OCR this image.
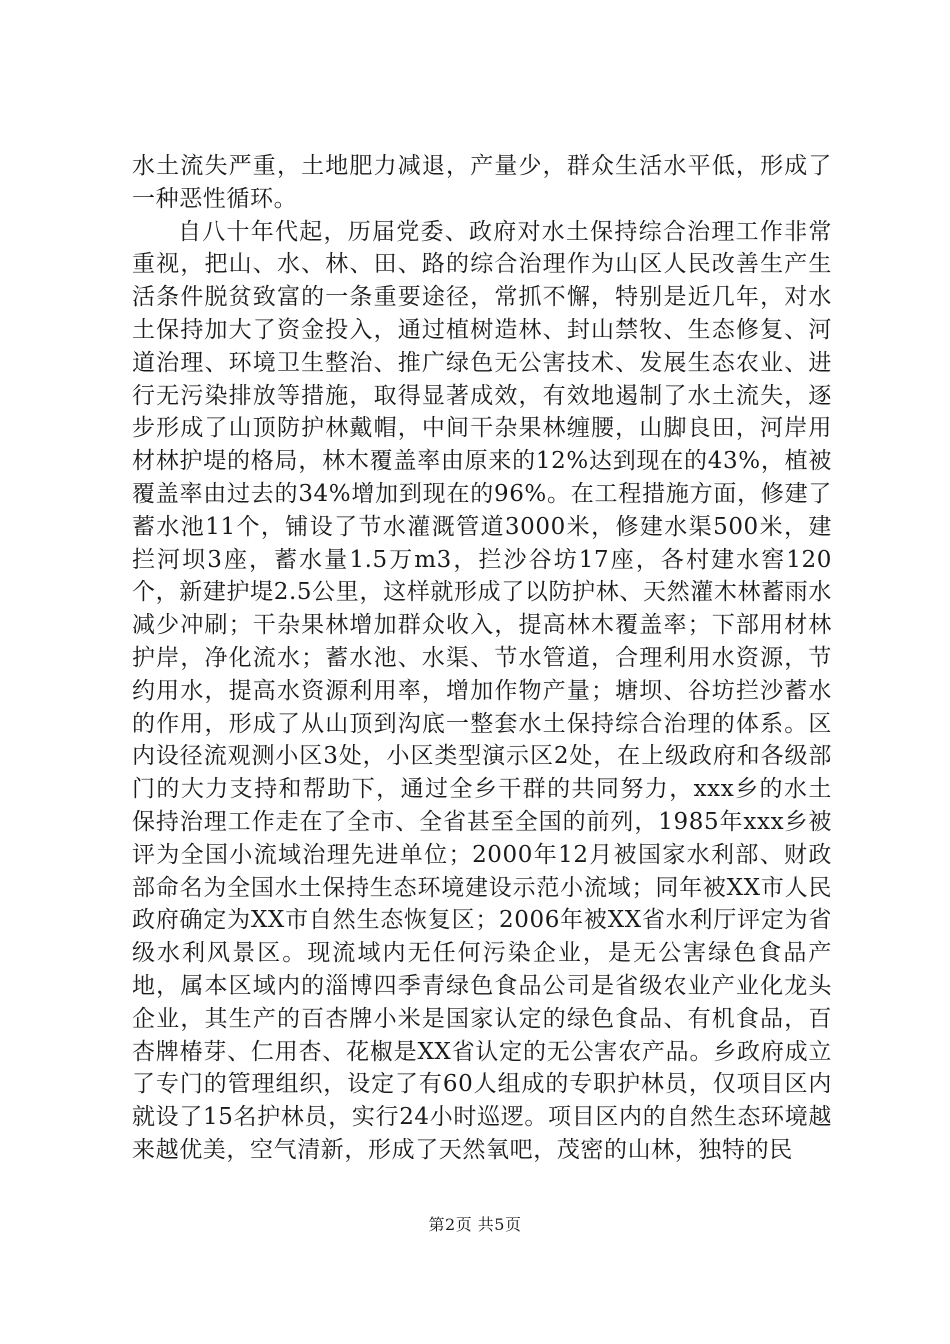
水土流失严重，土地肥力减退，产量少，群众生活水平低，形成了一种恶性循环。

自八十年代起，历届党委、政府对水土保持综合治理工作非常重视，把山、水、林、田、路的综合治理作为山区人民改善生产生活条件脱贫致富的一条重要途径，常抓不懈，特别是近几年，对水土保持加大了资金投入，通过植树造林、封山禁牧、生态修复、河道治理、环境卫生整治、推广绿色无公害技术、发展生态农业、进行无污染排放等措施，取得显著成效，有效地遏制了水土流失，逐步形成了山顶防护林戴帽，中间干杂果林缠腰，山脚良田，河岸用材林护堤的格局，林木覆盖率由原来的12%达到现在的43%，植被覆盖率由过去的34%增加到现在的96%。在工程措施方面，修建了蓄水池11个，铺设了节水灌溉管道3000米，修建水渠500米，建拦河坝3座，蓄水量1.5万m3，拦沙谷坊17座，各村建水窖120个，新建护堤2.5公里，这样就形成了以防护林、天然灌木林蓄雨水减少冲刷；干杂果林增加群众收入，提高林木覆盖率；下部用材林护岸，净化流水；蓄水池、水渠、节水管道，合理利用水资源，节约用水，提高水资源利用率，增加作物产量；塘坝、谷坊拦沙蓄水的作用，形成了从山顶到沟底一整套水土保持综合治理的体系。区内设径流观测小区3处，小区类型演示区2处，在上级政府和各级部门的大力支持和帮助下，通过全乡干群的共同努力，xxx乡的水土保持治理工作走在了全市、全省甚至全国的前列，1985年xxx乡被评为全国小流域治理先进单位；2000年12月被国家水利部、财政部命名为全国水土保持生态环境建设示范小流域；同年被XX市人民政府确定为XX市自然生态恢复区；2006年被XX省水利厅评定为省级水利风景区。现流域内无任何污染企业，是无公害绿色食品产地，属本区域内的淄博四季青绿色食品公司是省级农业产业化龙头企业，其生产的百杏牌小米是国家认定的绿色食品、有机食品，百杏牌椿芽、仁用杏、花椒是XX省认定的无公害农产品。乡政府成立了专门的管理组织，设定了有60人组成的专职护林员，仅项目区内就设了15名护林员，实行24小时巡逻。项目区内的自然生态环境越来越优美，空气清新，形成了天然氧吧，茂密的山林，独特的民

第2页 共5页
